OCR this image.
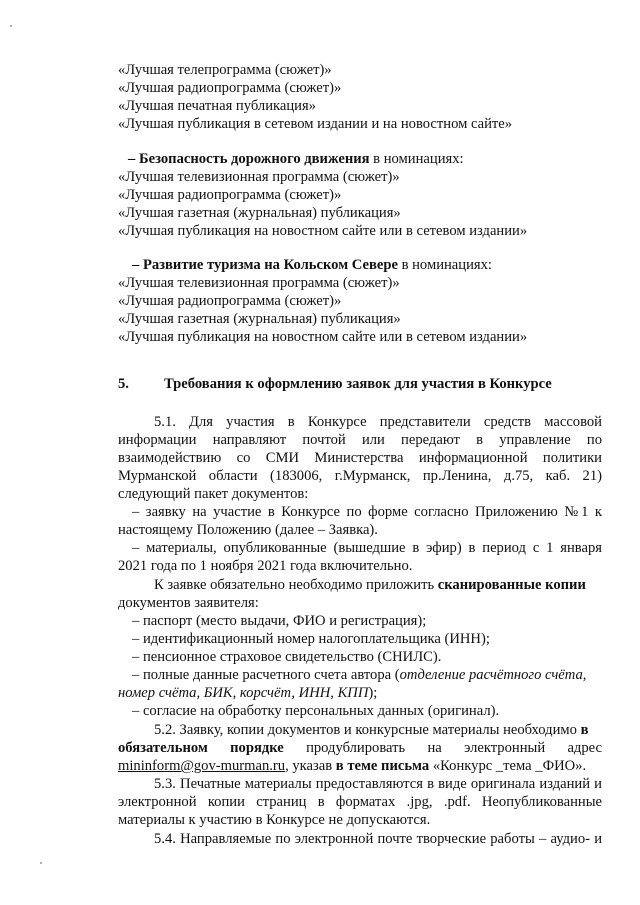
«Лучшая телепрограмма (сюжет)»
«Лучшая радиопрограмма (сюжет)»
«Лучшая печатная публикация»
«Лучшая публикация в сетевом издании и на новостном сайте»
– Безопасность дорожного движения в номинациях:
«Лучшая телевизионная программа (сюжет)»
«Лучшая радиопрограмма (сюжет)»
«Лучшая газетная (журнальная) публикация»
«Лучшая публикация на новостном сайте или в сетевом издании»
– Развитие туризма на Кольском Севере в номинациях:
«Лучшая телевизионная программа (сюжет)»
«Лучшая радиопрограмма (сюжет)»
«Лучшая газетная (журнальная) публикация»
«Лучшая публикация на новостном сайте или в сетевом издании»
5.	Требования к оформлению заявок для участия в Конкурсе
5.1. Для участия в Конкурсе представители средств массовой
информации направляют почтой или передают в управление по
взаимодействию со СМИ Министерства информационной политики
Мурманской области (183006, г.Мурманск, пр.Ленина, д.75, каб. 21)
следующий пакет документов:
– заявку на участие в Конкурсе по форме согласно Приложению №1 к
настоящему Положению (далее – Заявка).
– материалы, опубликованные (вышедшие в эфир) в период с 1 января
2021 года по 1 ноября 2021 года включительно.
К заявке обязательно необходимо приложить сканированные копии
документов заявителя:
– паспорт (место выдачи, ФИО и регистрация);
– идентификационный номер налогоплательщика (ИНН);
– пенсионное страховое свидетельство (СНИЛС).
– полные данные расчетного счета автора (отделение расчётного счёта,
номер счёта, БИК, корсчёт, ИНН, КПП);
– согласие на обработку персональных данных (оригинал).
5.2. Заявку, копии документов и конкурсные материалы необходимо в
обязательном порядке продублировать на электронный адрес
mininform@gov-murman.ru, указав в теме письма «Конкурс _тема _ФИО».
5.3. Печатные материалы предоставляются в виде оригинала изданий и
электронной копии страниц в форматах .jpg, .pdf. Неопубликованные
материалы к участию в Конкурсе не допускаются.
5.4. Направляемые по электронной почте творческие работы – аудио- и
